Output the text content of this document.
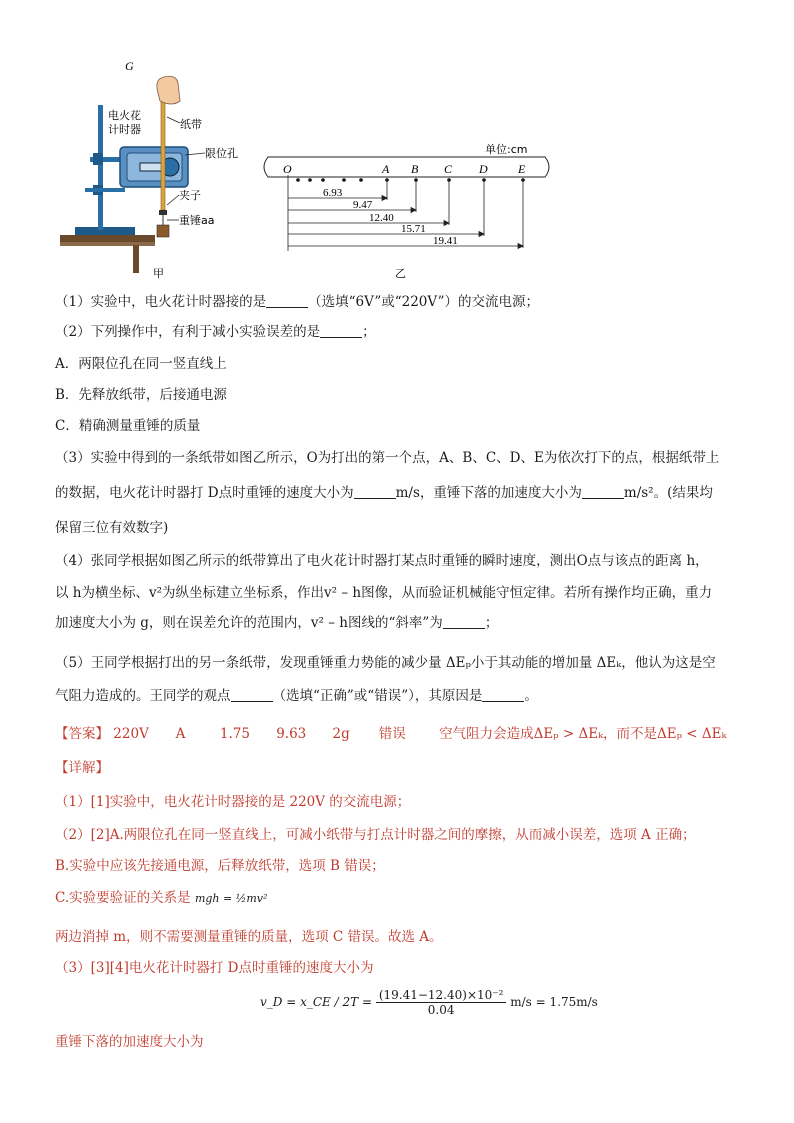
G
电火花
计时器	纸带
限位孔
夹子
重锤aa
甲
单位:cm
O	A B C D	E
6.93
9.47
12.40
15.71
19.41
乙
（1）实验中，电火花计时器接的是	（选填“6V”或“220V”）的交流电源；
（2）下列操作中，有利于减小实验误差的是	；
A．两限位孔在同一竖直线上
B．先释放纸带，后接通电源
C．精确测量重锤的质量
（3）实验中得到的一条纸带如图乙所示，O为打出的第一个点，A、B、C、D、E为依次打下的点，根据纸带上
的数据，电火花计时器打 D点时重锤的速度大小为	m/s，重锤下落的加速度大小为	m/s²。(结果均
保留三位有效数字)
（4）张同学根据如图乙所示的纸带算出了电火花计时器打某点时重锤的瞬时速度，测出O点与该点的距离 h，
以 h为横坐标、v²为纵坐标建立坐标系，作出v² – h图像，从而验证机械能守恒定律。若所有操作均正确，重力
加速度大小为 g，则在误差允许的范围内，v² – h图线的“斜率”为	；
（5）王同学根据打出的另一条纸带，发现重锤重力势能的减少量 ΔEₚ小于其动能的增加量 ΔEₖ，他认为这是空
气阻力造成的。王同学的观点	（选填“正确”或“错误”），其原因是	。
【答案】 220V A	1.75 9.63 2g 错误 空气阻力会造成ΔEₚ > ΔEₖ，而不是ΔEₚ < ΔEₖ
【详解】
（1）[1]实验中，电火花计时器接的是 220V 的交流电源；
（2）[2]A.两限位孔在同一竖直线上，可减小纸带与打点计时器之间的摩擦，从而减小误差，选项 A 正确；
B.实验中应该先接通电源，后释放纸带，选项 B 错误；
C.实验要验证的关系是 mgh = ½mv²
两边消掉 m，则不需要测量重锤的质量，选项 C 错误。故选 A。
（3）[3][4]电火花计时器打 D点时重锤的速度大小为
v_D = x_CE / $2T = \frac{\text{(19.41−12.40)×10⁻²}}{0.04} m/s = 1.75m/s$
重锤下落的加速度大小为
